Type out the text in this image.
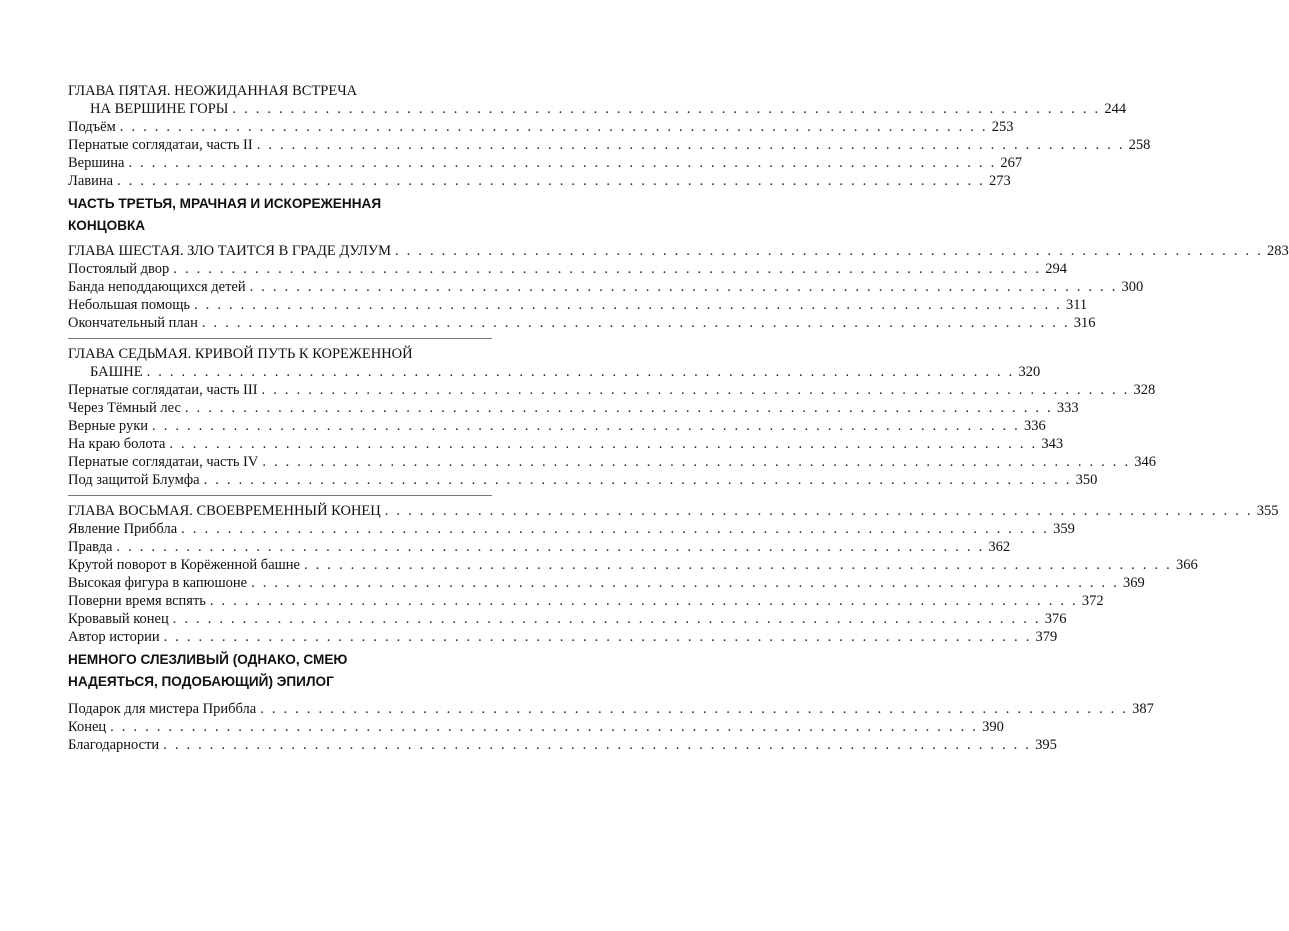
ГЛАВА ПЯТАЯ. НЕОЖИДАННАЯ ВСТРЕЧА
НА ВЕРШИНЕ ГОРЫ . . . . . . . . . . . . . . . . . . . . . . . . . . . . . . . . . . . . . . . . . . . . . . . . . . . . . . . . . . . . . . . . . . . . . . . . . . . 244
Подъём . . . . . . . . . . . . . . . . . . . . . . . . . . . . . . . . . . . . . . . . . . . . . . . . . . . . . . . . . . . . . . . . . . . . . . . . . . . 253
Пернатые соглядатаи, часть II . . . . . . . . . . . . . . . . . . . . . . . . . . . . . . . . . . . . . . . . . . . . . . . . . . . . . . . . . . . . . . . . . . . . . . . . . . . 258
Вершина . . . . . . . . . . . . . . . . . . . . . . . . . . . . . . . . . . . . . . . . . . . . . . . . . . . . . . . . . . . . . . . . . . . . . . . . . . . 267
Лавина . . . . . . . . . . . . . . . . . . . . . . . . . . . . . . . . . . . . . . . . . . . . . . . . . . . . . . . . . . . . . . . . . . . . . . . . . . . 273
ЧАСТЬ ТРЕТЬЯ, МРАЧНАЯ И ИСКОРЕЖЕННАЯ
КОНЦОВКА
ГЛАВА ШЕСТАЯ. ЗЛО ТАИТСЯ В ГРАДЕ ДУЛУМ . . . . . . . . . . . . . . . . . . . . . . . . . . . . . . . . . . . . . . . . . . . . . . . . . . . . . . . . . . . . . . . . . . . . . . . . . . . 283
Постоялый двор . . . . . . . . . . . . . . . . . . . . . . . . . . . . . . . . . . . . . . . . . . . . . . . . . . . . . . . . . . . . . . . . . . . . . . . . . . . 294
Банда неподдающихся детей . . . . . . . . . . . . . . . . . . . . . . . . . . . . . . . . . . . . . . . . . . . . . . . . . . . . . . . . . . . . . . . . . . . . . . . . . . . 300
Небольшая помощь . . . . . . . . . . . . . . . . . . . . . . . . . . . . . . . . . . . . . . . . . . . . . . . . . . . . . . . . . . . . . . . . . . . . . . . . . . . 311
Окончательный план . . . . . . . . . . . . . . . . . . . . . . . . . . . . . . . . . . . . . . . . . . . . . . . . . . . . . . . . . . . . . . . . . . . . . . . . . . . 316
ГЛАВА СЕДЬМАЯ. КРИВОЙ ПУТЬ К КОРЕЖЕННОЙ
БАШНЕ . . . . . . . . . . . . . . . . . . . . . . . . . . . . . . . . . . . . . . . . . . . . . . . . . . . . . . . . . . . . . . . . . . . . . . . . . . . 320
Пернатые соглядатаи, часть III . . . . . . . . . . . . . . . . . . . . . . . . . . . . . . . . . . . . . . . . . . . . . . . . . . . . . . . . . . . . . . . . . . . . . . . . . . . 328
Через Тёмный лес . . . . . . . . . . . . . . . . . . . . . . . . . . . . . . . . . . . . . . . . . . . . . . . . . . . . . . . . . . . . . . . . . . . . . . . . . . . 333
Верные руки . . . . . . . . . . . . . . . . . . . . . . . . . . . . . . . . . . . . . . . . . . . . . . . . . . . . . . . . . . . . . . . . . . . . . . . . . . . 336
На краю болота . . . . . . . . . . . . . . . . . . . . . . . . . . . . . . . . . . . . . . . . . . . . . . . . . . . . . . . . . . . . . . . . . . . . . . . . . . . 343
Пернатые соглядатаи, часть IV . . . . . . . . . . . . . . . . . . . . . . . . . . . . . . . . . . . . . . . . . . . . . . . . . . . . . . . . . . . . . . . . . . . . . . . . . . . 346
Под защитой Блумфа . . . . . . . . . . . . . . . . . . . . . . . . . . . . . . . . . . . . . . . . . . . . . . . . . . . . . . . . . . . . . . . . . . . . . . . . . . . 350
ГЛАВА ВОСЬМАЯ. СВОЕВРЕМЕННЫЙ КОНЕЦ . . . . . . . . . . . . . . . . . . . . . . . . . . . . . . . . . . . . . . . . . . . . . . . . . . . . . . . . . . . . . . . . . . . . . . . . . . . 355
Явление Приббла . . . . . . . . . . . . . . . . . . . . . . . . . . . . . . . . . . . . . . . . . . . . . . . . . . . . . . . . . . . . . . . . . . . . . . . . . . . 359
Правда . . . . . . . . . . . . . . . . . . . . . . . . . . . . . . . . . . . . . . . . . . . . . . . . . . . . . . . . . . . . . . . . . . . . . . . . . . . 362
Крутой поворот в Корёженной башне . . . . . . . . . . . . . . . . . . . . . . . . . . . . . . . . . . . . . . . . . . . . . . . . . . . . . . . . . . . . . . . . . . . . . . . . . . . 366
Высокая фигура в капюшоне . . . . . . . . . . . . . . . . . . . . . . . . . . . . . . . . . . . . . . . . . . . . . . . . . . . . . . . . . . . . . . . . . . . . . . . . . . . 369
Поверни время вспять . . . . . . . . . . . . . . . . . . . . . . . . . . . . . . . . . . . . . . . . . . . . . . . . . . . . . . . . . . . . . . . . . . . . . . . . . . . 372
Кровавый конец . . . . . . . . . . . . . . . . . . . . . . . . . . . . . . . . . . . . . . . . . . . . . . . . . . . . . . . . . . . . . . . . . . . . . . . . . . . 376
Автор истории . . . . . . . . . . . . . . . . . . . . . . . . . . . . . . . . . . . . . . . . . . . . . . . . . . . . . . . . . . . . . . . . . . . . . . . . . . . 379
НЕМНОГО СЛЕЗЛИВЫЙ (ОДНАКО, СМЕЮ
НАДЕЯТЬСЯ, ПОДОБАЮЩИЙ) ЭПИЛОГ
Подарок для мистера Приббла . . . . . . . . . . . . . . . . . . . . . . . . . . . . . . . . . . . . . . . . . . . . . . . . . . . . . . . . . . . . . . . . . . . . . . . . . . . 387
Конец . . . . . . . . . . . . . . . . . . . . . . . . . . . . . . . . . . . . . . . . . . . . . . . . . . . . . . . . . . . . . . . . . . . . . . . . . . . 390
Благодарности . . . . . . . . . . . . . . . . . . . . . . . . . . . . . . . . . . . . . . . . . . . . . . . . . . . . . . . . . . . . . . . . . . . . . . . . . . . 395
